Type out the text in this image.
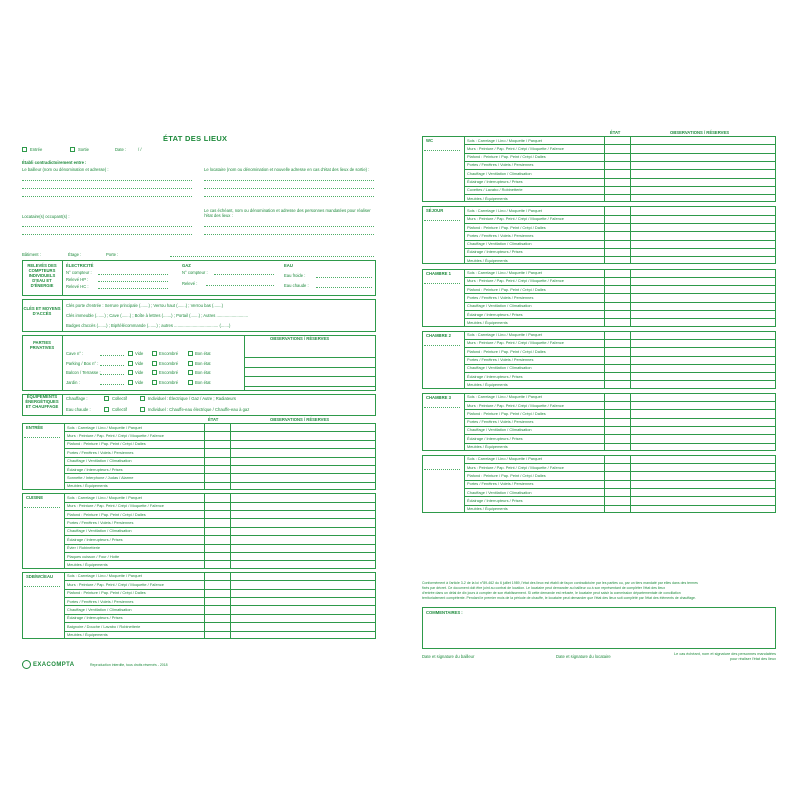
ÉTAT DES LIEUX
Entrée	Sortie	Date :	/ /
Établi contradictoirement entre :
Le bailleur (nom ou dénomination et adresse) :	Le locataire (nom ou dénomination et nouvelle adresse en cas d'état des lieux de sortie) :
Locataire(s) occupant(s) :
Le cas échéant, nom ou dénomination et adresse des personnes mandatées pour réaliser l'état des lieux :
Bâtiment :	Étage :	Porte :
RELEVÉS DES COMPTEURS INDIVIDUELS D'EAU ET D'ÉNERGIE
ÉLECTRICITÉ
N° compteur :
Relevé HP :
Relevé HC :
GAZ
N° compteur :
Relevé :
EAU
Eau froide :
Eau chaude :
CLÉS ET MOYENS D'ACCÈS
Clés porte d'entrée : Serrure principale (.......) ; Verrou haut (.......) ; Verrou bas (.......)
Clés immeuble (.......) ; Cave (.......) ; Boîte à lettres (.......) ; Portail (.......) ; Autres ...........................
Badges d'accès (.......) ; Bip/télécommande (.......) ; autres ...................................... (.......)
PARTIES PRIVATIVES
OBSERVATIONS / RÉSERVES
Cave n° :	Vide	Encombré	Bon état
Parking / Box n° :	Vide	Encombré	Bon état
Balcon / Terrasse :	Vide	Encombré	Bon état
Jardin :	Vide	Encombré	Bon état
ÉQUIPEMENTS ÉNERGÉTIQUES ET CHAUFFAGE
Chauffage :	Collectif	Individuel : Électrique / Gaz / Autre ; Radiateurs
Eau chaude :	Collectif	Individuel : Chauffe-eau électrique / Chauffe-eau à gaz
ÉTAT	OBSERVATIONS / RÉSERVES
ENTRÉE	Sols : Carrelage / Lino / Moquette / Parquet
Murs : Peinture / Pap. Peint / Crépi / Moquette / Faïence
Plafond : Peinture / Pap. Peint / Crépi / Dalles
Portes / Fenêtres / Volets / Persiennes
Chauffage / Ventilation / Climatisation
Éclairage / Interrupteurs / Prises
Sonnette / Interphone / Judas / Alarme
Meubles / Équipements
CUISINE	Sols : Carrelage / Lino / Moquette / Parquet
Murs : Peinture / Pap. Peint / Crépi / Moquette / Faïence
Plafond : Peinture / Pap. Peint / Crépi / Dalles
Portes / Fenêtres / Volets / Persiennes
Chauffage / Ventilation / Climatisation
Éclairage / Interrupteurs / Prises
Évier / Robinetterie
Plaques cuisson / Four / Hotte
Meubles / Équipements
SDB/WC/EAU	Sols : Carrelage / Lino / Moquette / Parquet
Murs : Peinture / Pap. Peint / Crépi / Moquette / Faïence
Plafond : Peinture / Pap. Peint / Crépi / Dalles
Portes / Fenêtres / Volets / Persiennes
Chauffage / Ventilation / Climatisation
Éclairage / Interrupteurs / Prises
Baignoire / Douche / Lavabo / Robinetterie
Meubles / Équipements
EXACOMPTA	Reproduction interdite, tous droits réservés - 2018
ÉTAT	OBSERVATIONS / RÉSERVES
WC	Sols : Carrelage / Lino / Moquette / Parquet
Murs : Peinture / Pap. Peint / Crépi / Moquette / Faïence
Plafond : Peinture / Pap. Peint / Crépi / Dalles
Portes / Fenêtres / Volets / Persiennes
Chauffage / Ventilation / Climatisation
Éclairage / Interrupteurs / Prises
Cuvettes / Lavabo / Robinetterie
Meubles / Équipements
SÉJOUR	Sols : Carrelage / Lino / Moquette / Parquet
Murs : Peinture / Pap. Peint / Crépi / Moquette / Faïence
Plafond : Peinture / Pap. Peint / Crépi / Dalles
Portes / Fenêtres / Volets / Persiennes
Chauffage / Ventilation / Climatisation
Éclairage / Interrupteurs / Prises
Meubles / Équipements
CHAMBRE 1	Sols : Carrelage / Lino / Moquette / Parquet
Murs : Peinture / Pap. Peint / Crépi / Moquette / Faïence
Plafond : Peinture / Pap. Peint / Crépi / Dalles
Portes / Fenêtres / Volets / Persiennes
Chauffage / Ventilation / Climatisation
Éclairage / Interrupteurs / Prises
Meubles / Équipements
CHAMBRE 2	Sols : Carrelage / Lino / Moquette / Parquet
Murs : Peinture / Pap. Peint / Crépi / Moquette / Faïence
Plafond : Peinture / Pap. Peint / Crépi / Dalles
Portes / Fenêtres / Volets / Persiennes
Chauffage / Ventilation / Climatisation
Éclairage / Interrupteurs / Prises
Meubles / Équipements
CHAMBRE 3	Sols : Carrelage / Lino / Moquette / Parquet
Murs : Peinture / Pap. Peint / Crépi / Moquette / Faïence
Plafond : Peinture / Pap. Peint / Crépi / Dalles
Portes / Fenêtres / Volets / Persiennes
Chauffage / Ventilation / Climatisation
Éclairage / Interrupteurs / Prises
Meubles / Équipements
Sols : Carrelage / Lino / Moquette / Parquet
Murs : Peinture / Pap. Peint / Crépi / Moquette / Faïence
Plafond : Peinture / Pap. Peint / Crépi / Dalles
Portes / Fenêtres / Volets / Persiennes
Chauffage / Ventilation / Climatisation
Éclairage / Interrupteurs / Prises
Meubles / Équipements
Conformément à l'article 3-2 de la loi n°89-462 du 6 juillet 1989, l'état des lieux est établi de façon contradictoire par les parties ou, par un tiers mandaté par elles dans des termes
fixés par décret. Ce document doit être joint au contrat de location. Le locataire peut demander au bailleur ou à son représentant de compléter l'état des lieux
d'entrée dans un délai de dix jours à compter de son établissement. Si cette demande est refusée, le locataire peut saisir la commission départementale de conciliation
territorialement compétente. Pendant le premier mois de la période de chauffe, le locataire peut demander que l'état des lieux soit complété par l'état des éléments de chauffage.
COMMENTAIRES :
Date et signature du bailleur	Date et signature du locataire	Le cas échéant, nom et signature des personnes mandatées pour réaliser l'état des lieux
